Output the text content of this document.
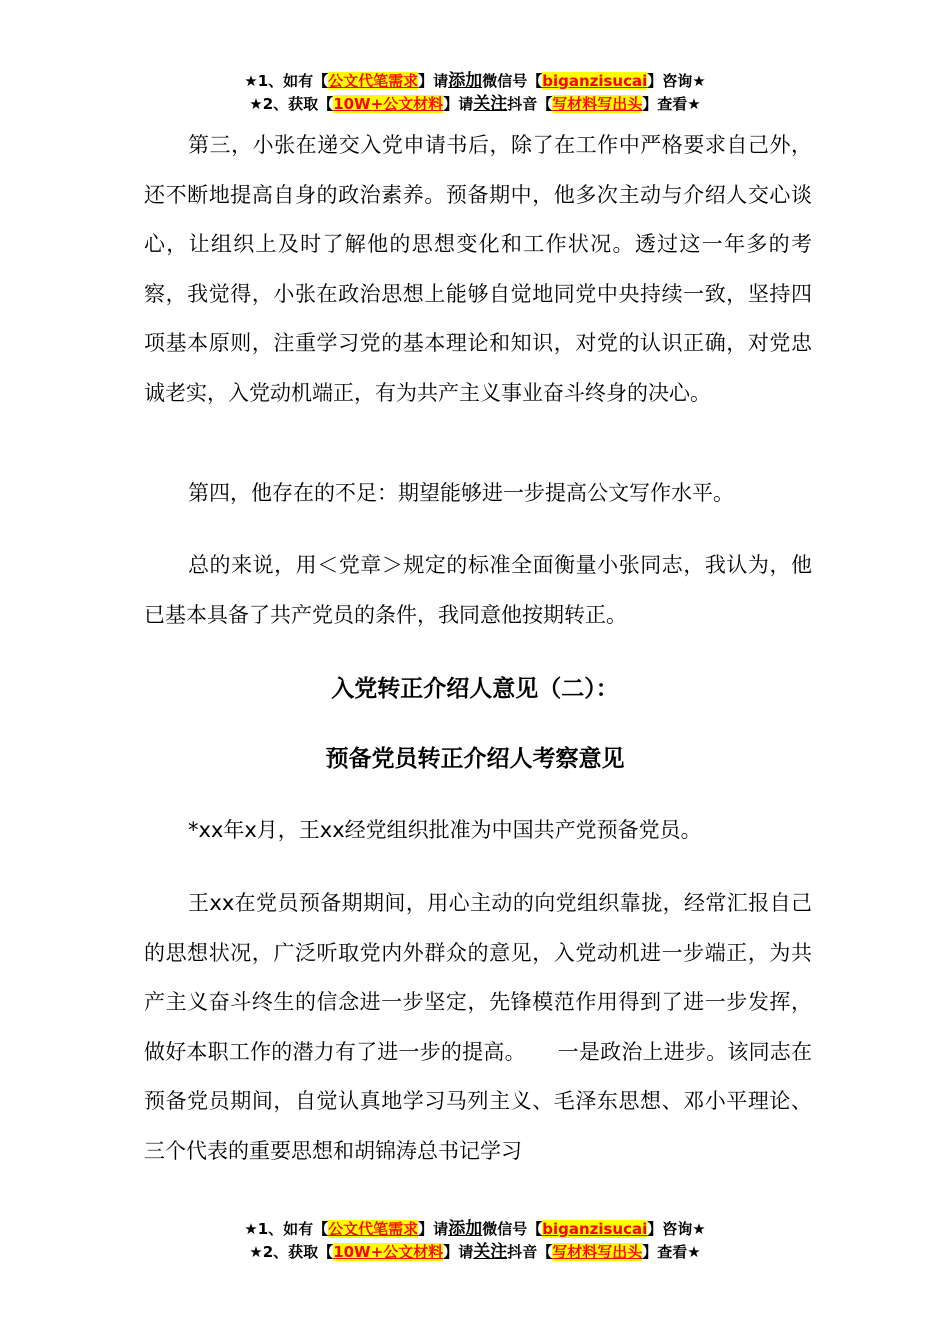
★1、如有【公文代笔需求】请添加微信号【biganzisucai】咨询★
★2、获取【10W+公文材料】请关注抖音【写材料写出头】查看★

第三，小张在递交入党申请书后，除了在工作中严格要求自己外，还不断地提高自身的政治素养。预备期中，他多次主动与介绍人交心谈心，让组织上及时了解他的思想变化和工作状况。透过这一年多的考察，我觉得，小张在政治思想上能够自觉地同党中央持续一致，坚持四项基本原则，注重学习党的基本理论和知识，对党的认识正确，对党忠诚老实，入党动机端正，有为共产主义事业奋斗终身的决心。

第四，他存在的不足：期望能够进一步提高公文写作水平。

总的来说，用＜党章＞规定的标准全面衡量小张同志，我认为，他已基本具备了共产党员的条件，我同意他按期转正。

入党转正介绍人意见（二）：
预备党员转正介绍人考察意见

*xx年x月，王xx经党组织批准为中国共产党预备党员。

王xx在党员预备期期间，用心主动的向党组织靠拢，经常汇报自己的思想状况，广泛听取党内外群众的意见，入党动机进一步端正，为共产主义奋斗终生的信念进一步坚定，先锋模范作用得到了进一步发挥，做好本职工作的潜力有了进一步的提高。　　一是政治上进步。该同志在预备党员期间，自觉认真地学习马列主义、毛泽东思想、邓小平理论、三个代表的重要思想和胡锦涛总书记学习

★1、如有【公文代笔需求】请添加微信号【biganzisucai】咨询★
★2、获取【10W+公文材料】请关注抖音【写材料写出头】查看★
